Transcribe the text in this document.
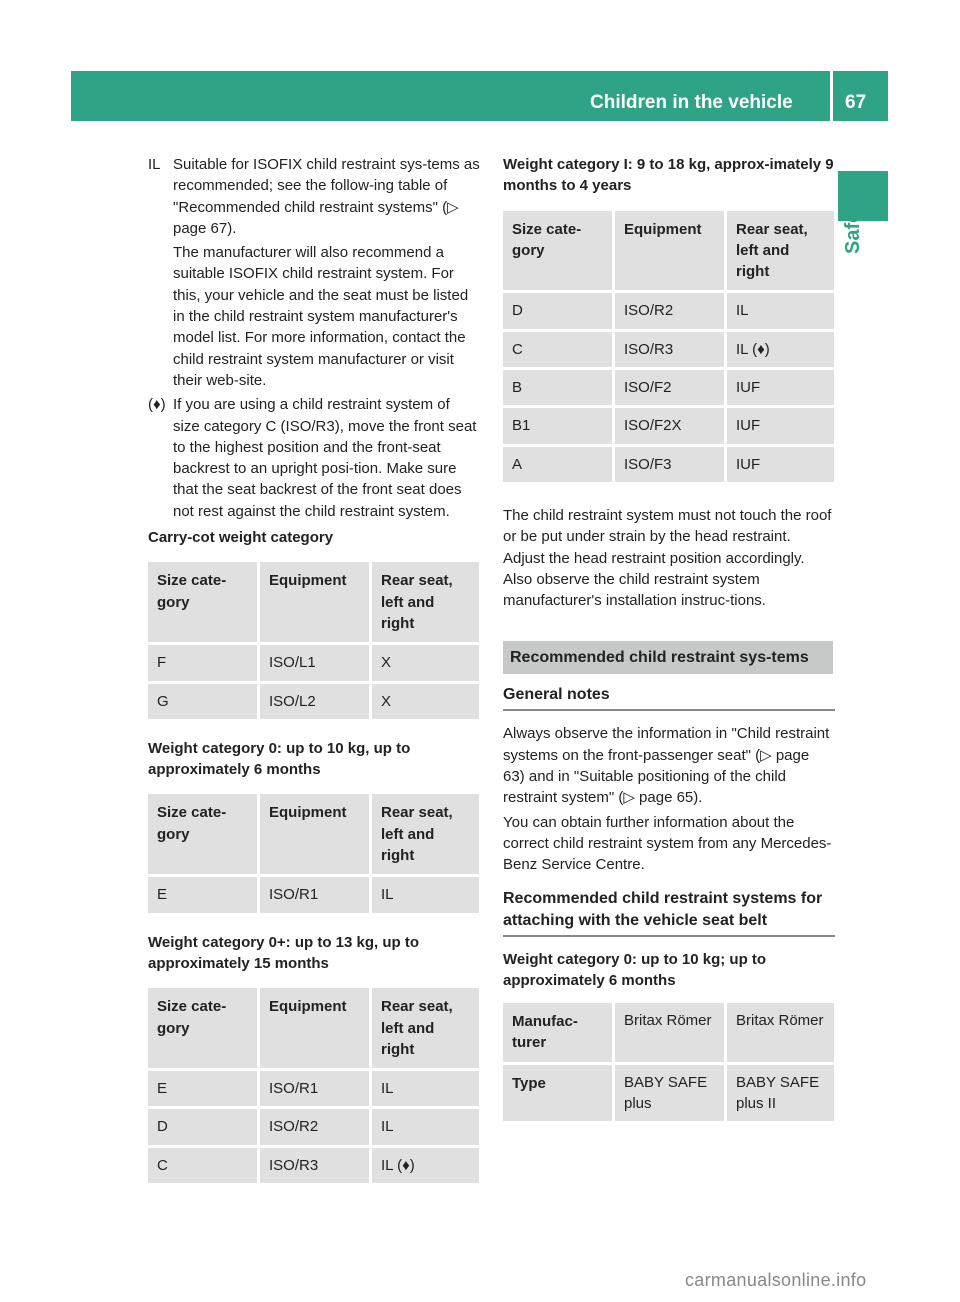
Children in the vehicle	67
Safety
IL Suitable for ISOFIX child restraint sys-tems as recommended; see the follow-ing table of "Recommended child restraint systems" (▷ page 67).

The manufacturer will also recommend a suitable ISOFIX child restraint system. For this, your vehicle and the seat must be listed in the child restraint system manufacturer's model list. For more information, contact the child restraint system manufacturer or visit their web-site.

(♦) If you are using a child restraint system of size category C (ISO/R3), move the front seat to the highest position and the front-seat backrest to an upright posi-tion. Make sure that the seat backrest of the front seat does not rest against the child restraint system.

Carry-cot weight category
Size cate-gory	Equipment	Rear seat, left and right
F	ISO/L1	X
G	ISO/L2	X
Weight category 0: up to 10 kg, up to approximately 6 months
Size cate-gory	Equipment	Rear seat, left and right
E	ISO/R1	IL
Weight category 0+: up to 13 kg, up to approximately 15 months
Size cate-gory	Equipment	Rear seat, left and right
E	ISO/R1	IL
D	ISO/R2	IL
C	ISO/R3	IL (♦)
Weight category I: 9 to 18 kg, approx-imately 9 months to 4 years
Size cate-gory	Equipment	Rear seat, left and right
D	ISO/R2	IL
C	ISO/R3	IL (♦)
B	ISO/F2	IUF
B1	ISO/F2X	IUF
A	ISO/F3	IUF

The child restraint system must not touch the roof or be put under strain by the head restraint. Adjust the head restraint position accordingly. Also observe the child restraint system manufacturer's installation instruc-tions.

Recommended child restraint sys-tems
General notes

Always observe the information in "Child restraint systems on the front-passenger seat" (▷ page 63) and in "Suitable positioning of the child restraint system" (▷ page 65).

You can obtain further information about the correct child restraint system from any Mercedes-Benz Service Centre.

Recommended child restraint systems for attaching with the vehicle seat belt
Weight category 0: up to 10 kg; up to approximately 6 months
Manufac-turer	Britax Römer	Britax Römer
Type	BABY SAFE plus	BABY SAFE plus II
carmanualsonline.info
